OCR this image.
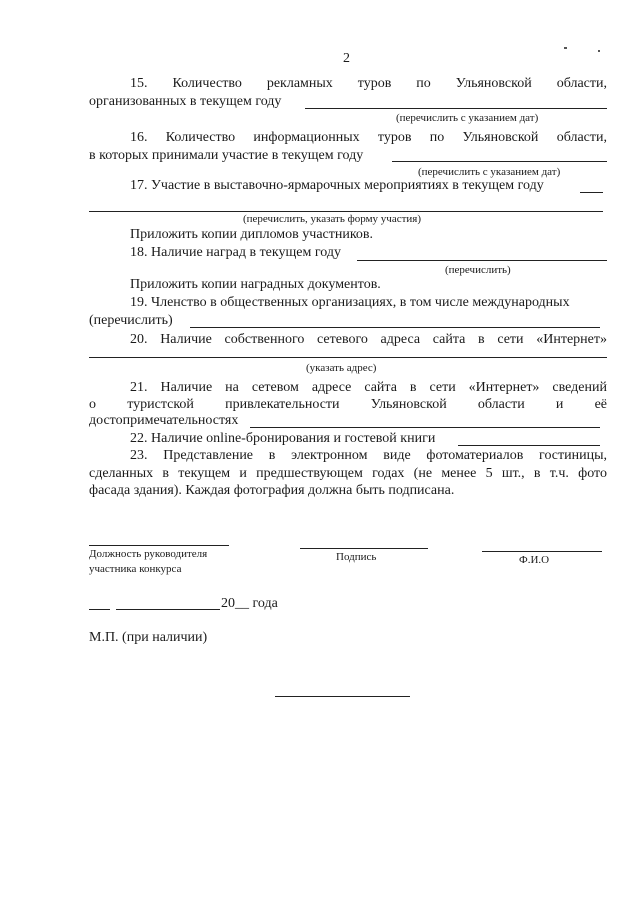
2
15. Количество рекламных туров по Ульяновской области,
организованных в текущем году
(перечислить с указанием дат)
16. Количество информационных туров по Ульяновской области,
в которых принимали участие в текущем году
(перечислить с указанием дат)
17. Участие в выставочно-ярмарочных мероприятиях в текущем году
(перечислить, указать форму участия)
Приложить копии дипломов участников.
18. Наличие наград в текущем году
(перечислить)
Приложить копии наградных документов.
19. Членство в общественных организациях, в том числе международных
(перечислить)
20. Наличие собственного сетевого адреса сайта в сети «Интернет»
(указать адрес)
21. Наличие на сетевом адресе сайта в сети «Интернет» сведений
о туристской привлекательности Ульяновской области и её
достопримечательностях
22. Наличие online-бронирования и гостевой книги
23. Представление в электронном виде фотоматериалов гостиницы,
сделанных в текущем и предшествующем годах (не менее 5 шт., в т.ч. фото
фасада здания). Каждая фотография должна быть подписана.
Должность руководителя
участника конкурса
Подпись	Ф.И.О
20__ года
М.П. (при наличии)
